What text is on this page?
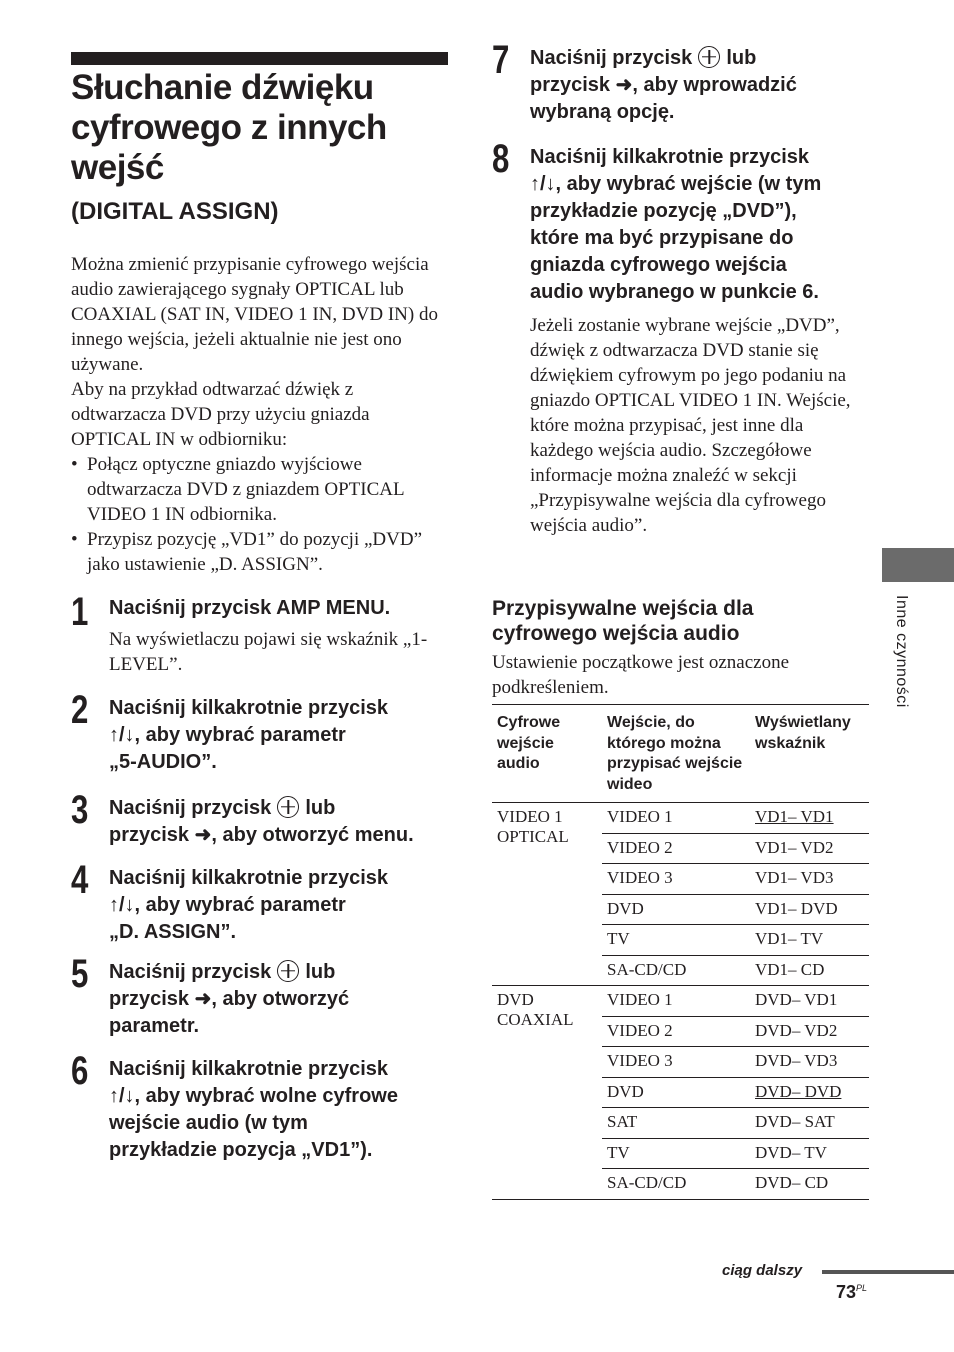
Słuchanie dźwięku cyfrowego z innych wejść
(DIGITAL ASSIGN)

Można zmienić przypisanie cyfrowego wejścia audio zawierającego sygnały OPTICAL lub COAXIAL (SAT IN, VIDEO 1 IN, DVD IN) do innego wejścia, jeżeli aktualnie nie jest ono używane.

Aby na przykład odtwarzać dźwięk z odtwarzacza DVD przy użyciu gniazda OPTICAL IN w odbiorniku:

• Połącz optyczne gniazdo wyjściowe odtwarzacza DVD z gniazdem OPTICAL VIDEO 1 IN odbiornika.
• Przypisz pozycję „VD1” do pozycji „DVD” jako ustawienie „D. ASSIGN”.
1 Naciśnij przycisk AMP MENU.

Na wyświetlaczu pojawi się wskaźnik „1-LEVEL”.

2 Naciśnij kilkakrotnie przycisk
↑/↓, aby wybrać parametr
„5-AUDIO”.
3 Naciśnij przycisk lub
przycisk ➜, aby otworzyć menu.
4 Naciśnij kilkakrotnie przycisk
↑/↓, aby wybrać parametr
„D. ASSIGN”.
5 Naciśnij przycisk lub
przycisk ➜, aby otworzyć
parametr.
6 Naciśnij kilkakrotnie przycisk
↑/↓, aby wybrać wolne cyfrowe
wejście audio (w tym
przykładzie pozycja „VD1”).
7 Naciśnij przycisk lub
przycisk ➜, aby wprowadzić
wybraną opcję.
8 Naciśnij kilkakrotnie przycisk
↑/↓, aby wybrać wejście (w tym
przykładzie pozycję „DVD”),
które ma być przypisane do
gniazda cyfrowego wejścia
audio wybranego w punkcie 6.

Jeżeli zostanie wybrane wejście „DVD”, dźwięk z odtwarzacza DVD stanie się dźwiękiem cyfrowym po jego podaniu na gniazdo OPTICAL VIDEO 1 IN. Wejście, które można przypisać, jest inne dla każdego wejścia audio. Szczegółowe informacje można znaleźć w sekcji „Przypisywalne wejścia dla cyfrowego wejścia audio”.

Przypisywalne wejścia dla
cyfrowego wejścia audio

Ustawienie początkowe jest oznaczone podkreśleniem.

Cyfrowe wejście audio	Wejście, do którego można przypisać wejście wideo	Wyświetlany wskaźnik

VIDEO 1
OPTICAL	VIDEO 1	VD1– VD1
	VIDEO 2	VD1– VD2
	VIDEO 3	VD1– VD3
	DVD	VD1– DVD
	TV	VD1– TV
	SA-CD/CD	VD1– CD

DVD
COAXIAL	VIDEO 1	DVD– VD1
	VIDEO 2	DVD– VD2
	VIDEO 3	DVD– VD3
	DVD	DVD– DVD
	SAT	DVD– SAT
	TV	DVD– TV
	SA-CD/CD	DVD– CD
Inne czynności
ciąg dalszy
$73^{PL}$
